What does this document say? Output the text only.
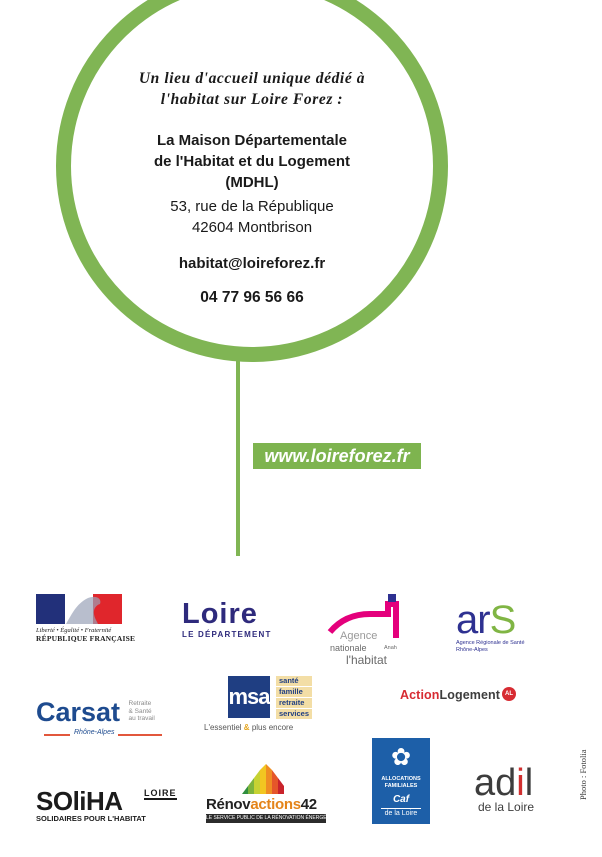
Un lieu d'accueil unique dédié à
l'habitat sur Loire Forez :

La Maison Départementale
de l'Habitat et du Logement
(MDHL)
53, rue de la République
42604 Montbrison
habitat@loireforez.fr
04 77 96 56 66
www.loireforez.fr
Photo : Fotolia
Liberté • Égalité • Fraternité
RÉPUBLIQUE FRANÇAISE
Loire
LE DÉPARTEMENT	Agence
nationale	Anah
l'habitat
arS
Agence Régionale de Santé
Rhône-Alpes
Carsat Retraite
& Santé
au travail
Rhône-Alpes
msa
santé
famille
retraite
services
L'essentiel & plus encore
ActionLogement AL
SOliHA	LOIRE
SOLIDAIRES POUR L'HABITAT
Rénovactions42
LE SERVICE PUBLIC DE LA RÉNOVATION ÉNERGÉTIQUE
✿
ALLOCATIONS
FAMILIALES
Caf
de la Loire
adil
de la Loire
